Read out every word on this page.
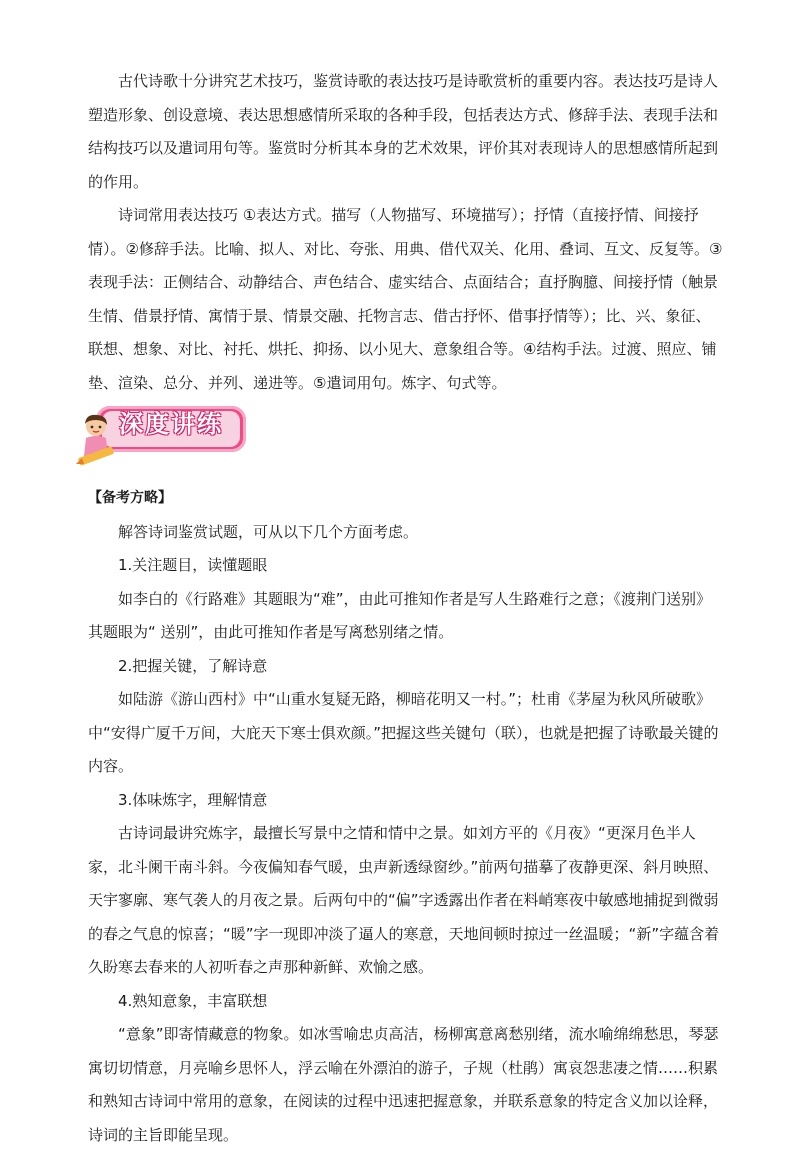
古代诗歌十分讲究艺术技巧，鉴赏诗歌的表达技巧是诗歌赏析的重要内容。表达技巧是诗人塑造形象、创设意境、表达思想感情所采取的各种手段，包括表达方式、修辞手法、表现手法和结构技巧以及遣词用句等。鉴赏时分析其本身的艺术效果，评价其对表现诗人的思想感情所起到的作用。

诗词常用表达技巧 ①表达方式。描写（人物描写、环境描写）；抒情（直接抒情、间接抒情）。②修辞手法。比喻、拟人、对比、夸张、用典、借代双关、化用、叠词、互文、反复等。③表现手法：正侧结合、动静结合、声色结合、虚实结合、点面结合；直抒胸臆、间接抒情（触景生情、借景抒情、寓情于景、情景交融、托物言志、借古抒怀、借事抒情等）；比、兴、象征、联想、想象、对比、衬托、烘托、抑扬、以小见大、意象组合等。④结构手法。过渡、照应、铺垫、渲染、总分、并列、递进等。⑤遣词用句。炼字、句式等。

深度讲练

【备考方略】

解答诗词鉴赏试题，可从以下几个方面考虑。

1.关注题目，读懂题眼

如李白的《行路难》其题眼为“难”，由此可推知作者是写人生路难行之意；《渡荆门送别》其题眼为“ 送别”，由此可推知作者是写离愁别绪之情。

2.把握关键，了解诗意

如陆游《游山西村》中“山重水复疑无路，柳暗花明又一村。”；杜甫《茅屋为秋风所破歌》中“安得广厦千万间，大庇天下寒士俱欢颜。”把握这些关键句（联），也就是把握了诗歌最关键的内容。

3.体味炼字，理解情意

古诗词最讲究炼字，最擅长写景中之情和情中之景。如刘方平的《月夜》“更深月色半人家，北斗阑干南斗斜。今夜偏知春气暖，虫声新透绿窗纱。”前两句描摹了夜静更深、斜月映照、天宇寥廓、寒气袭人的月夜之景。后两句中的“偏”字透露出作者在料峭寒夜中敏感地捕捉到微弱的春之气息的惊喜；“暖”字一现即冲淡了逼人的寒意，天地间顿时掠过一丝温暖；“新”字蕴含着久盼寒去春来的人初听春之声那种新鲜、欢愉之感。

4.熟知意象，丰富联想

“意象”即寄情藏意的物象。如冰雪喻忠贞高洁，杨柳寓意离愁别绪，流水喻绵绵愁思，琴瑟寓切切情意，月亮喻乡思怀人，浮云喻在外漂泊的游子，子规（杜鹃）寓哀怨悲凄之情……积累和熟知古诗词中常用的意象，在阅读的过程中迅速把握意象，并联系意象的特定含义加以诠释，诗词的主旨即能呈现。
